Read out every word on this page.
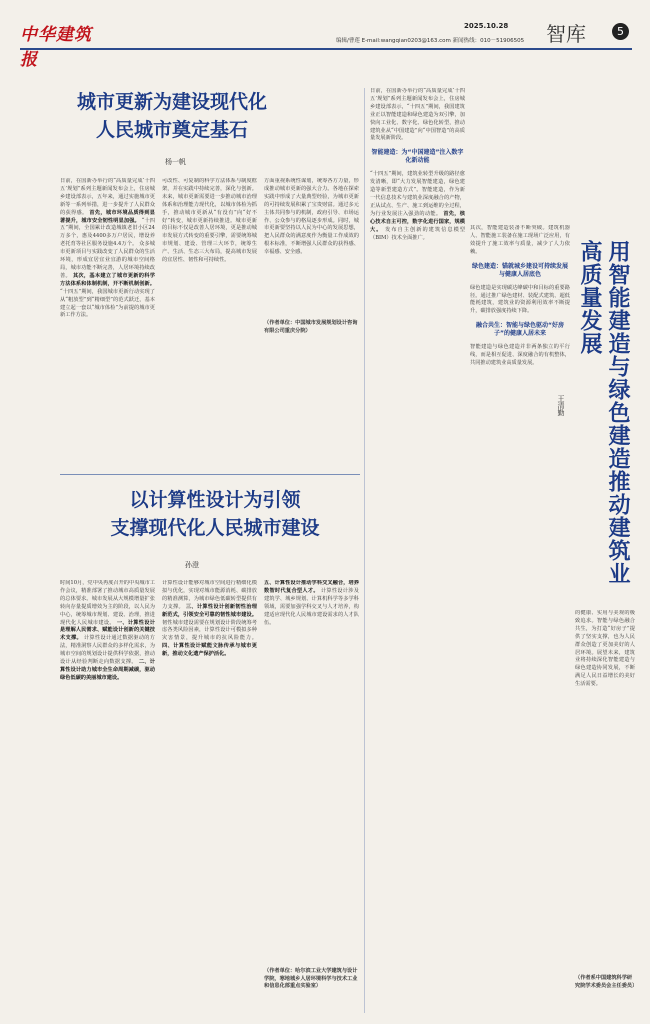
中华建筑报
2025.10.28
编辑/曹莲 E-mail:wangqian0203@163.com 新闻热线：010－51906505 智库	5
城市更新为建设现代化
人民城市奠定基石
杨一帆
日前，在国新办举行的“高质量完成‘十四五’规划”系列主题新闻发布会上，住房城乡建设部表示，五年来，通过实施城市更新等一系列举措，进一步提升了人民群众的获得感。 首先，城市环境品质得到显著提升，城市安全韧性明显加强。 “十四五”期间，全国累计改造城镇老旧小区24万多个，惠及4400多万户居民，增设养老托育等社区服务设施4.4万个。 众多城市更新项目与实践改变了人民群众的生活环境，形成宜居宜业宜游的城市空间格局，城市功能不断完善，人居环境持续改善。 其次，基本建立了城市更新的科学方法体系和体制机制，开不断机制创新。 “十四五”期间，我国城市更新行动实现了从“粗放型”到“精细型”的范式跃迁，基本建立起一套以“城市体检”为前提的城市更新工作方法。
可改性、可复制的科学方法体系与制度框架，并在实践中持续完善，深化与创新。未来，城市更新需要进一步推动城市治理体系和治理能力现代化，以城市体检为抓手，推动城市更新从“有没有”向“好不好”转变，城市更新持续推进。城市更新的目标不仅是改善人居环境，更是推动城市发展方式转变的重要引擎，需要统筹城市规划、建设、管理三大环节，统筹生产、生活、生态三大布局，提高城市发展的宜居性、韧性和可持续性。
方面重视系统性谋划，统筹各方力量，形成推动城市更新的强大合力。各地在探索实践中形成了大量典型经验，为城市更新的可持续发展积累了宝贵财富。通过多元主体共同参与的机制，政府引导、市场运作、公众参与的格局逐步形成。同时，城市更新要坚持以人民为中心的发展思想，把人民群众的满意度作为衡量工作成效的根本标准，不断增强人民群众的获得感、幸福感、安全感。
（作者单位：中国城市发展规划设计咨询有限公司重庆分院）
以计算性设计为引领
支撑现代化人民城市建设
孙澄
时间10月，党中央再度召开的中央城市工作会议，精准部署了推动城市高质量发展的总体要求。城市发展从大规模增量扩张转向存量提质增效为主的阶段，以人民为中心，统筹城市规划、建设、治理，推进现代化人民城市建设。 一、计算性设计是理解人民需求、赋能设计创新的关键技术支撑。 计算性设计通过数据驱动的方法，精准洞察人民群众的多样化需求，为城市空间的规划设计提供科学依据，推动设计从经验判断走向数据支撑。 二、计算性设计助力城市全生命周期减碳，驱动绿色低碳的美丽城市建设。
计算性设计能够对城市空间进行精细化模拟与优化，实现对城市能源消耗、碳排放的精准测算，为城市绿色低碳转型提供有力支撑。 三、计算性设计创新韧性治理新范式，引领安全可靠的韧性城市建设。 韧性城市建设需要在规划设计阶段统筹考虑各类风险因素，计算性设计可模拟多种灾害情景，提升城市的抗风险能力。 四、计算性设计赋能文脉传承与城市更新，推动文化遗产保护活化。
五、计算性设计推动学科交叉融合，培养数智时代复合型人才。 计算性设计涉及建筑学、城乡规划、计算机科学等多学科领域，需要加强学科交叉与人才培养，构建适应现代化人民城市建设需求的人才队伍。
（作者单位：哈尔滨工业大学建筑与设计学院，寒地城乡人居环境科学与技术工业和信息化部重点实验室）
日前，在国新办举行的“高质量完成‘十四五’规划”系列主题新闻发布会上，住房城乡建设部表示，“十四五”期间，我国建筑业正以智能建造和绿色建造为双引擎，加快向工业化、数字化、绿色化转型，推动建筑业从“中国建造”向“中国智造”的高质量发展新阶段。
智能建造：为“中国建造”注入数字化新动能
“十四五”期间，建筑业转型升级的路径愈发清晰，即“大力发展智能建造，绿色建造等新型建造方式”。智能建造，作为新一代信息技术与建筑业深度融合的产物，正从试点、生产、施工到运维的全过程，为行业发展注入强劲的动能。 首先，核心技术自主可控，数字化进行国家，规模大。 发布自主创新的建筑信息模型（BIM）技术全面推广。
其次，智能建造装备不断突破。建筑机器人、智能施工装备在施工现场广泛应用，有效提升了施工效率与质量，减少了人力依赖。
绿色建造：锚就城乡建设可持续发展与健康人居底色
绿色建造是实现碳达峰碳中和目标的重要路径。通过推广绿色建材、装配式建筑、超低能耗建筑，建筑业的资源利用效率不断提升，碳排放强度持续下降。
融合共生：智能与绿色驱动“好房子”的健康人居未来
智能建造与绿色建造并非两条独立的平行线，而是相互促进、深度融合的有机整体，共同推动建筑业高质量发展。
的健康、实用与美观的极致追求。智能与绿色融合共生，为打造“好房子”提供了坚实支撑，也为人民群众创造了更加美好的人居环境。展望未来，建筑业将持续深化智能建造与绿色建造协同发展，不断满足人民日益增长的美好生活需要。
（作者系中国建筑科学研究院学术委员会主任委员）
用智能建造与绿色建造推动建筑业高质量发展
王清勤
